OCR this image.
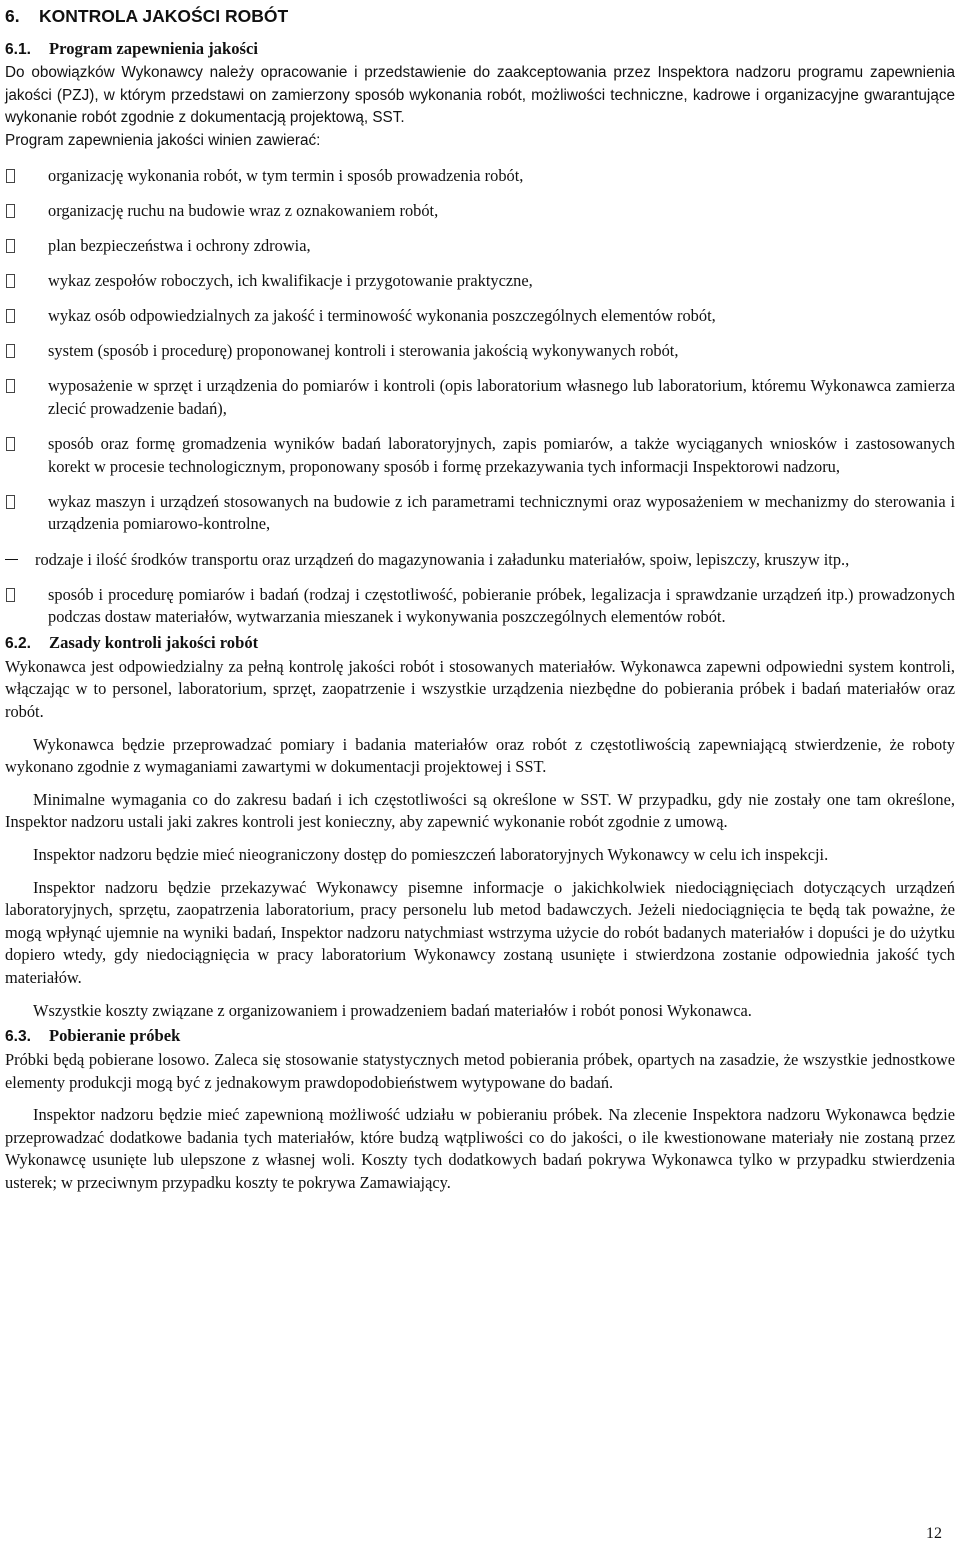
6. KONTROLA JAKOŚCI ROBÓT
6.1. Program zapewnienia jakości

Do obowiązków Wykonawcy należy opracowanie i przedstawienie do zaakceptowania przez Inspektora nadzoru programu zapewnienia jakości (PZJ), w którym przedstawi on zamierzony sposób wykonania robót, możliwości techniczne, kadrowe i organizacyjne gwarantujące wykonanie robót zgodnie z dokumentacją projektową, SST.

Program zapewnienia jakości winien zawierać:

organizację wykonania robót, w tym termin i sposób prowadzenia robót,
organizację ruchu na budowie wraz z oznakowaniem robót,
plan bezpieczeństwa i ochrony zdrowia,
wykaz zespołów roboczych, ich kwalifikacje i przygotowanie praktyczne,
wykaz osób odpowiedzialnych za jakość i terminowość wykonania poszczególnych elementów robót,
system (sposób i procedurę) proponowanej kontroli i sterowania jakością wykonywanych robót,
wyposażenie w sprzęt i urządzenia do pomiarów i kontroli (opis laboratorium własnego lub laboratorium, któremu Wykonawca zamierza zlecić prowadzenie badań),
sposób oraz formę gromadzenia wyników badań laboratoryjnych, zapis pomiarów, a także wyciąganych wniosków i zastosowanych korekt w procesie technologicznym, proponowany sposób i formę przekazywania tych informacji Inspektorowi nadzoru,
wykaz maszyn i urządzeń stosowanych na budowie z ich parametrami technicznymi oraz wyposażeniem w mechanizmy do sterowania i urządzenia pomiarowo-kontrolne,
rodzaje i ilość środków transportu oraz urządzeń do magazynowania i załadunku materiałów, spoiw, lepiszczy, kruszyw itp.,
sposób i procedurę pomiarów i badań (rodzaj i częstotliwość, pobieranie próbek, legalizacja i sprawdzanie urządzeń itp.) prowadzonych podczas dostaw materiałów, wytwarzania mieszanek i wykonywania poszczególnych elementów robót.
6.2. Zasady kontroli jakości robót

Wykonawca jest odpowiedzialny za pełną kontrolę jakości robót i stosowanych materiałów. Wykonawca zapewni odpowiedni system kontroli, włączając w to personel, laboratorium, sprzęt, zaopatrzenie i wszystkie urządzenia niezbędne do pobierania próbek i badań materiałów oraz robót.

Wykonawca będzie przeprowadzać pomiary i badania materiałów oraz robót z częstotliwością zapewniającą stwierdzenie, że roboty wykonano zgodnie z wymaganiami zawartymi w dokumentacji projektowej i SST.

Minimalne wymagania co do zakresu badań i ich częstotliwości są określone w SST. W przypadku, gdy nie zostały one tam określone, Inspektor nadzoru ustali jaki zakres kontroli jest konieczny, aby zapewnić wykonanie robót zgodnie z umową.

Inspektor nadzoru będzie mieć nieograniczony dostęp do pomieszczeń laboratoryjnych Wykonawcy w celu ich inspekcji.

Inspektor nadzoru będzie przekazywać Wykonawcy pisemne informacje o jakichkolwiek niedociągnięciach dotyczących urządzeń laboratoryjnych, sprzętu, zaopatrzenia laboratorium, pracy personelu lub metod badawczych. Jeżeli niedociągnięcia te będą tak poważne, że mogą wpłynąć ujemnie na wyniki badań, Inspektor nadzoru natychmiast wstrzyma użycie do robót badanych materiałów i dopuści je do użytku dopiero wtedy, gdy niedociągnięcia w pracy laboratorium Wykonawcy zostaną usunięte i stwierdzona zostanie odpowiednia jakość tych materiałów.

Wszystkie koszty związane z organizowaniem i prowadzeniem badań materiałów i robót ponosi Wykonawca.

6.3. Pobieranie próbek

Próbki będą pobierane losowo. Zaleca się stosowanie statystycznych metod pobierania próbek, opartych na zasadzie, że wszystkie jednostkowe elementy produkcji mogą być z jednakowym prawdopodobieństwem wytypowane do badań.

Inspektor nadzoru będzie mieć zapewnioną możliwość udziału w pobieraniu próbek. Na zlecenie Inspektora nadzoru Wykonawca będzie przeprowadzać dodatkowe badania tych materiałów, które budzą wątpliwości co do jakości, o ile kwestionowane materiały nie zostaną przez Wykonawcę usunięte lub ulepszone z własnej woli. Koszty tych dodatkowych badań pokrywa Wykonawca tylko w przypadku stwierdzenia usterek; w przeciwnym przypadku koszty te pokrywa Zamawiający.

12
